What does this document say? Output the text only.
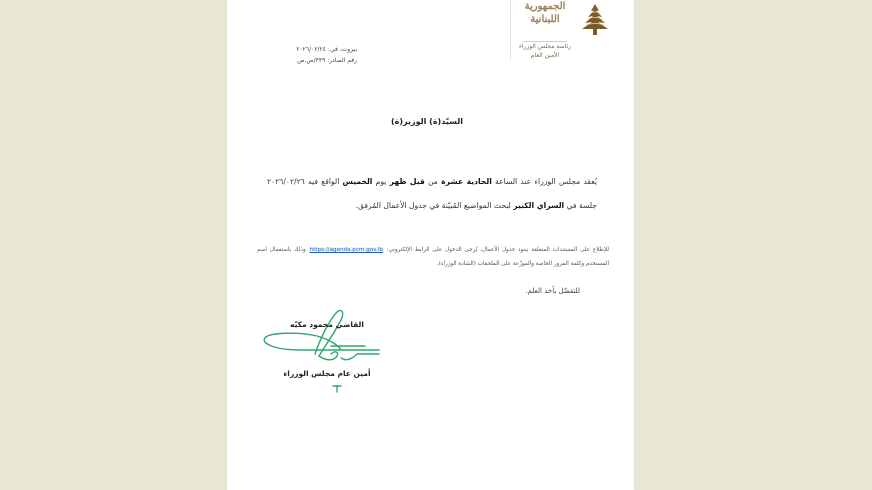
الجمهورية
اللبنانية
رئاسة مجلس الوزراء
الأمين العام
بيروت، في: ٢٠٢٦/٠٢/٢٤
رقم الصادر: ٣٣٩/ص.ص
السيّد(ة) الوزير(ة)
يُعقد مجلس الوزراء عند الساعة الحادية عشرة من قبل ظهر يوم الخميس الواقع فيه ٢٠٢٦/٠٢/٢٦ جلسة في السراي الكبير لبحث المواضيع المُبيّنة في جدول الأعمال المُرفق.
للإطلاع على المستندات المتعلقة ببنود جدول الأعمال، يُرجى الدخول على الرابط الإلكتروني: https://agenda.pcm.gov.lb وذلك باستعمال اسم المستخدم وكلمة المرور الخاصة والموزّعة على الملحقات (الشادة الوزراء).
للتفضّل بأخذ العلم.
القاضي محمود مكيّه
أمين عام مجلس الوزراء
